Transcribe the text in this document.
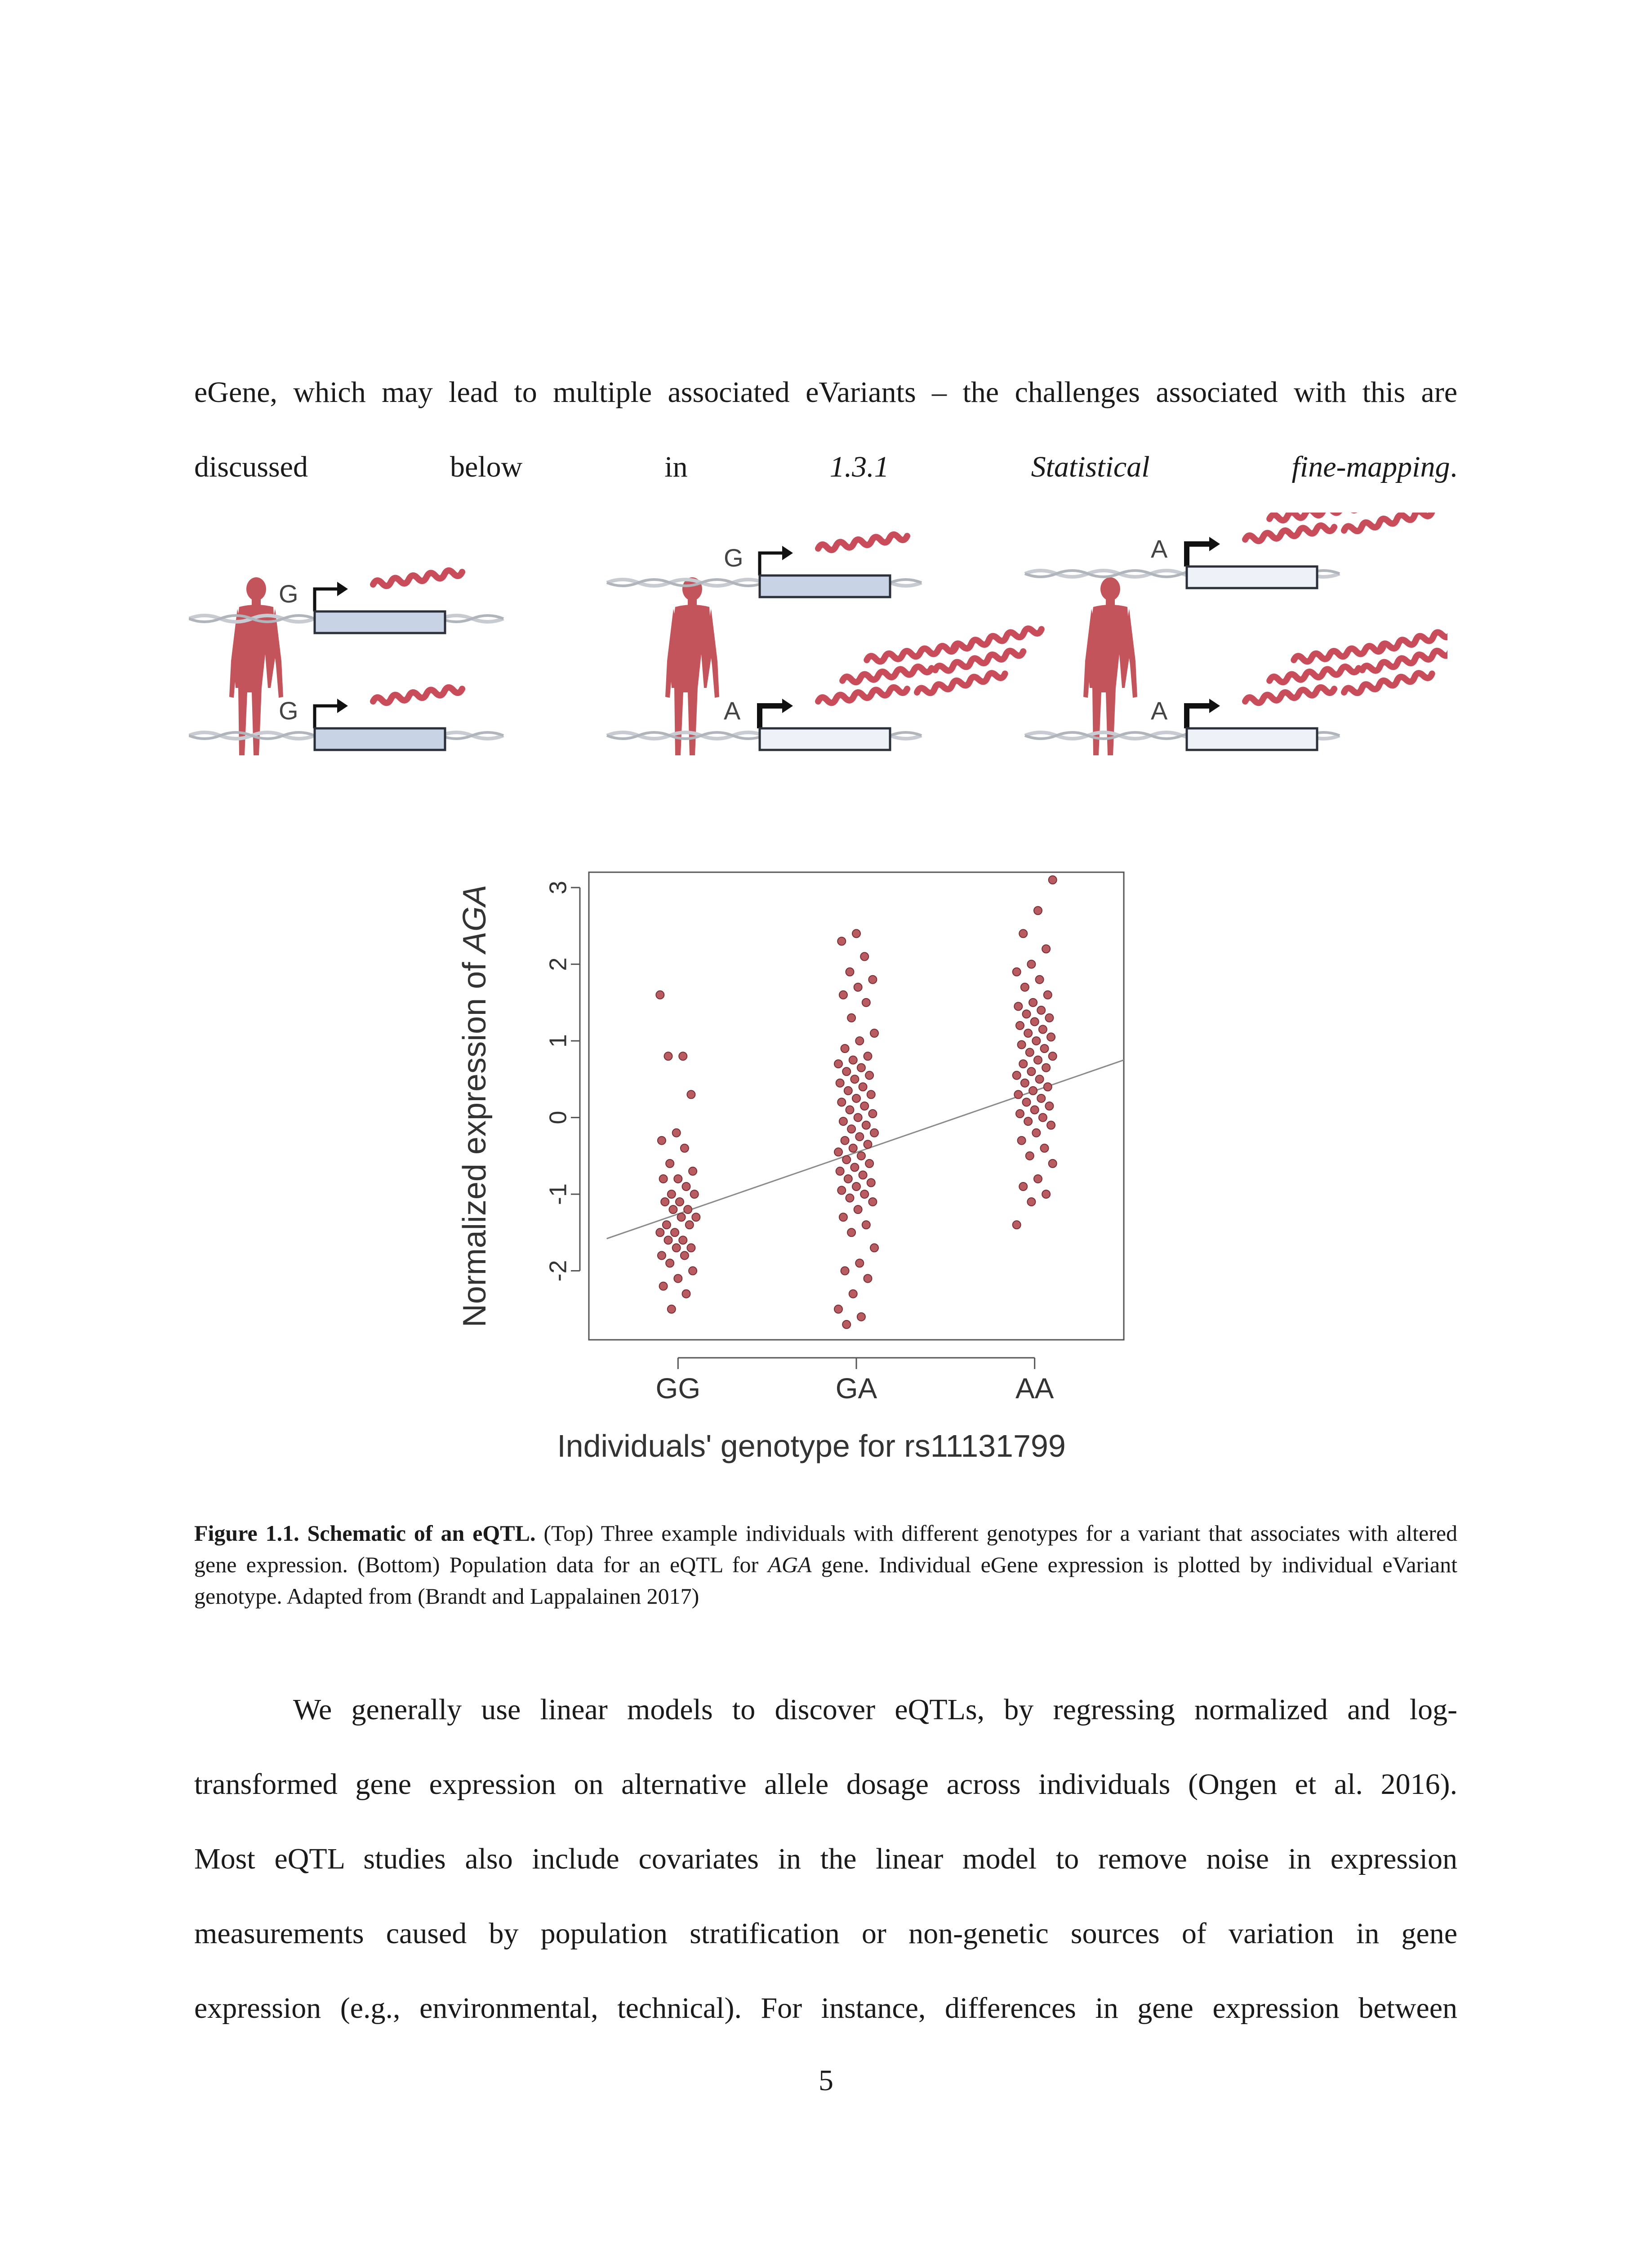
eGene, which may lead to multiple associated eVariants – the challenges associated with this are
discussed below in 1.3.1 Statistical fine-mapping.
G
G
G
A
A
A
-2
-1
0
1
2
3
GG	GA	AA
Normalized expression of AGA
Individuals' genotype for rs11131799

Figure 1.1. Schematic of an eQTL. (Top) Three example individuals with different genotypes for a variant that associates with altered gene expression. (Bottom) Population data for an eQTL for AGA gene. Individual eGene expression is plotted by individual eVariant genotype. Adapted from (Brandt and Lappalainen 2017)

We generally use linear models to discover eQTLs, by regressing normalized and log-
transformed gene expression on alternative allele dosage across individuals (Ongen et al. 2016).
Most eQTL studies also include covariates in the linear model to remove noise in expression
measurements caused by population stratification or non-genetic sources of variation in gene
expression (e.g., environmental, technical). For instance, differences in gene expression between
5
